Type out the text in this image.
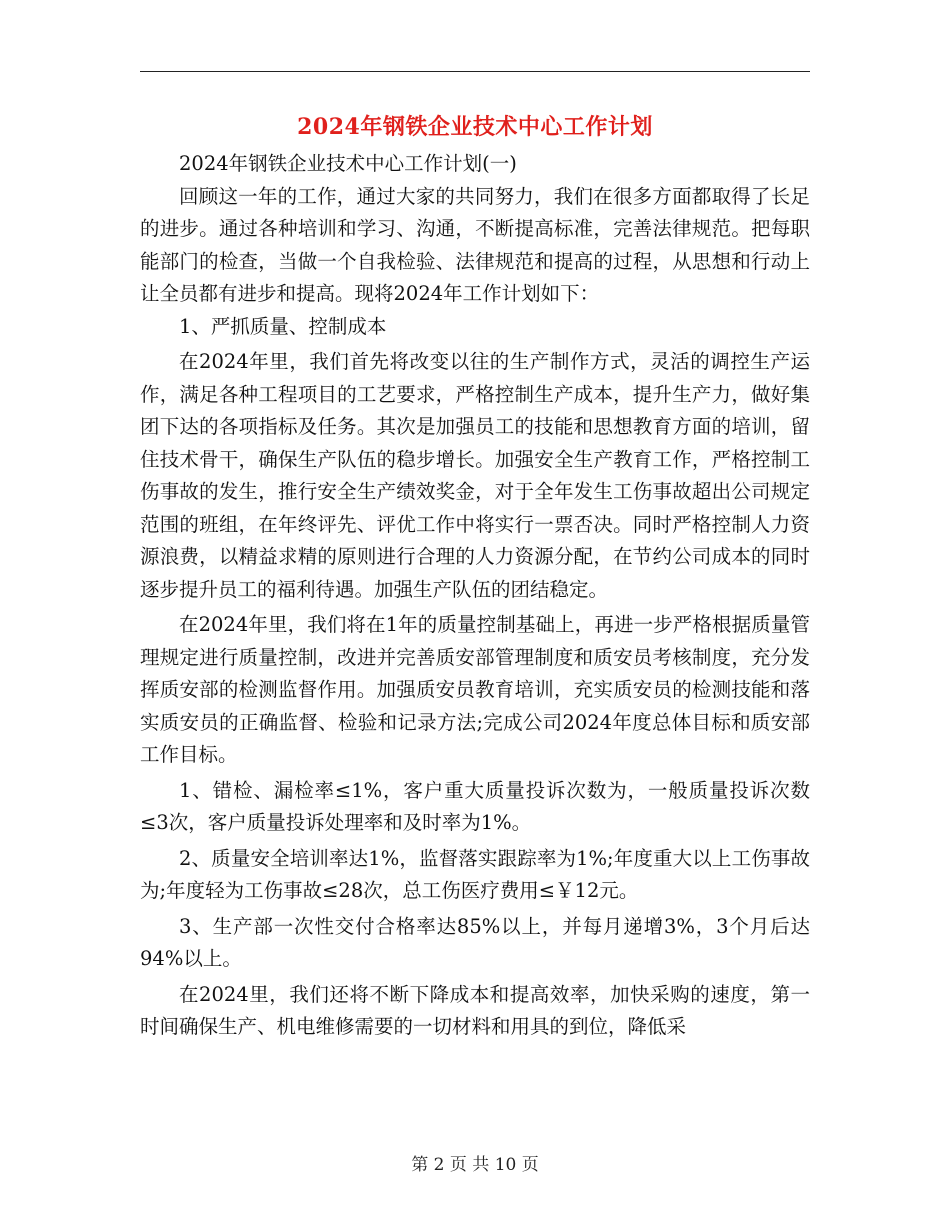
2024年钢铁企业技术中心工作计划

2024年钢铁企业技术中心工作计划(一)

回顾这一年的工作，通过大家的共同努力，我们在很多方面都取得了长足的进步。通过各种培训和学习、沟通，不断提高标准，完善法律规范。把每职能部门的检查，当做一个自我检验、法律规范和提高的过程，从思想和行动上让全员都有进步和提高。现将2024年工作计划如下：

1、严抓质量、控制成本

在2024年里，我们首先将改变以往的生产制作方式，灵活的调控生产运作，满足各种工程项目的工艺要求，严格控制生产成本，提升生产力，做好集团下达的各项指标及任务。其次是加强员工的技能和思想教育方面的培训，留住技术骨干，确保生产队伍的稳步增长。加强安全生产教育工作，严格控制工伤事故的发生，推行安全生产绩效奖金，对于全年发生工伤事故超出公司规定范围的班组，在年终评先、评优工作中将实行一票否决。同时严格控制人力资源浪费，以精益求精的原则进行合理的人力资源分配，在节约公司成本的同时逐步提升员工的福利待遇。加强生产队伍的团结稳定。

在2024年里，我们将在1年的质量控制基础上，再进一步严格根据质量管理规定进行质量控制，改进并完善质安部管理制度和质安员考核制度，充分发挥质安部的检测监督作用。加强质安员教育培训，充实质安员的检测技能和落实质安员的正确监督、检验和记录方法;完成公司2024年度总体目标和质安部工作目标。

1、错检、漏检率≤1%，客户重大质量投诉次数为，一般质量投诉次数≤3次，客户质量投诉处理率和及时率为1%。

2、质量安全培训率达1%，监督落实跟踪率为1%;年度重大以上工伤事故为;年度轻为工伤事故≤28次，总工伤医疗费用≤￥12元。

3、生产部一次性交付合格率达85%以上，并每月递增3%，3个月后达94%以上。

在2024里，我们还将不断下降成本和提高效率，加快采购的速度，第一时间确保生产、机电维修需要的一切材料和用具的到位，降低采

第 2 页 共 10 页
